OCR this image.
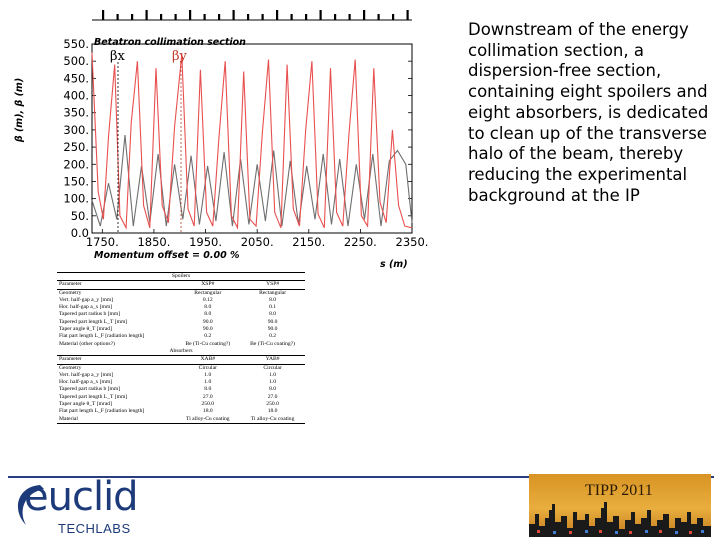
0.0
50.
100.
150.
200.
250.
300.
350.
400.
450.
500.
550.
1750. 1850. 1950. 2050. 2150. 2250. 2350.
Betatron collimation section
βx	βy
Momentum offset = 0.00 %
s (m)
β (m), β (m)
Downstream of the energy collimation section, a dispersion-free section, containing eight spoilers and eight absorbers, is dedicated to clean up of the transverse halo of the beam, thereby reducing the experimental background at the IP
Spoilers		
Parameter	XSP#	YSP#
Geometry	Rectangular	Rectangular
Vert. half-gap a_y [mm]	0.12	8.0
Hor. half-gap a_x [mm]	8.0	0.1
Tapered part radius b [mm]	8.0	8.0
Tapered part length L_T [mm]	90.0	90.0
Taper angle θ_T [mrad]	90.0	90.0
Flat part length L_F [radiation length]	0.2	0.2
Material (other options?)	Be (Ti-Cu coating?)	Be (Ti-Cu coating?)
Absorbers		
Parameter	XAB#	YAB#
Geometry	Circular	Circular
Vert. half-gap a_y [mm]	1.0	1.0
Hor. half-gap a_x [mm]	1.0	1.0
Tapered part radius b [mm]	8.0	8.0
Tapered part length L_T [mm]	27.0	27.0
Taper angle θ_T [mrad]	250.0	250.0
Flat part length L_F [radiation length]	18.0	18.0
Material	Ti alloy-Cu coating	Ti alloy-Cu coating
euclid
TECHLABS
TIPP 2011
